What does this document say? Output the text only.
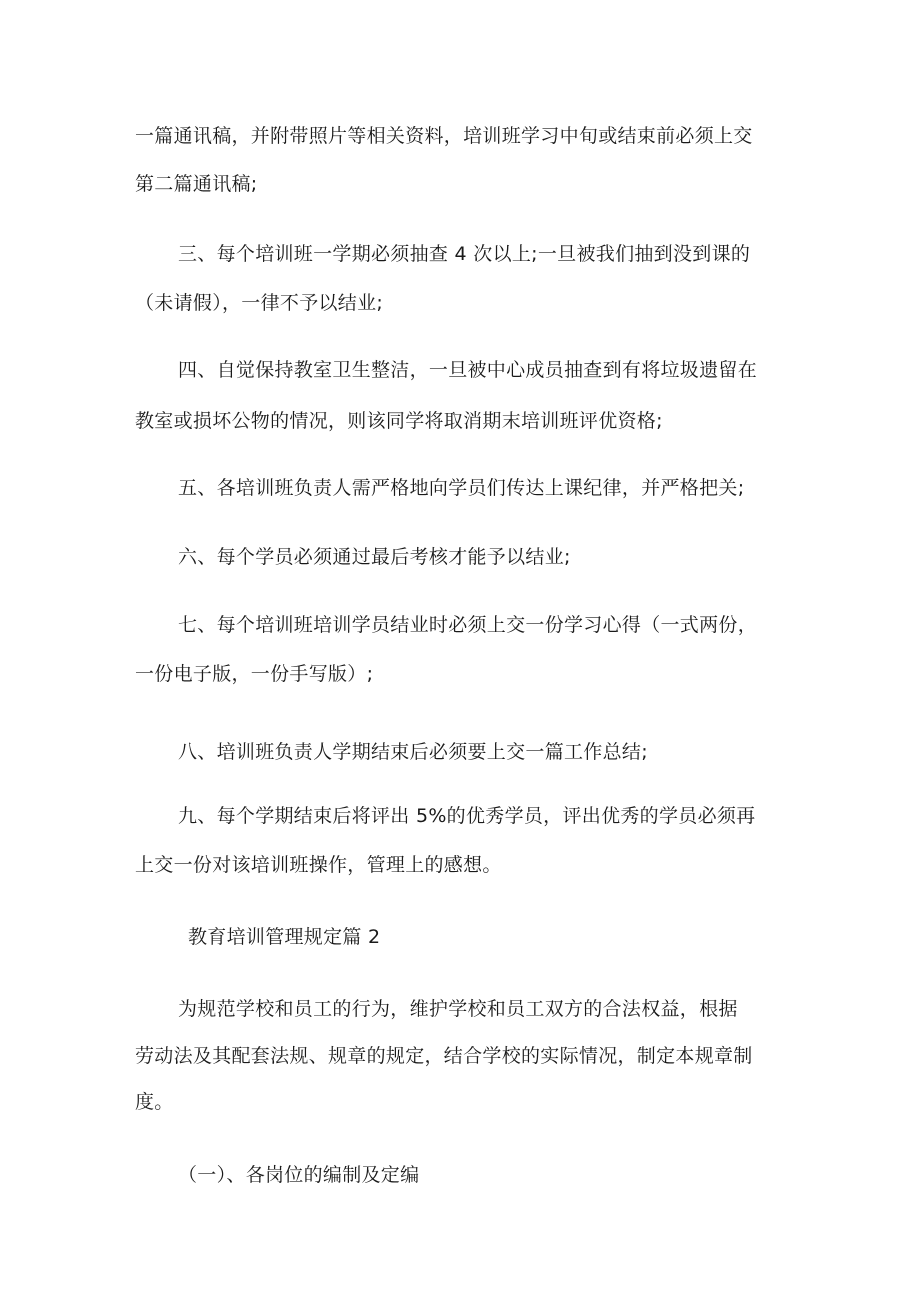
一篇通讯稿，并附带照片等相关资料，培训班学习中旬或结束前必须上交
第二篇通讯稿;
三、每个培训班一学期必须抽查 4 次以上;一旦被我们抽到没到课的
（未请假），一律不予以结业;
四、自觉保持教室卫生整洁，一旦被中心成员抽查到有将垃圾遗留在
教室或损坏公物的情况，则该同学将取消期末培训班评优资格;
五、各培训班负责人需严格地向学员们传达上课纪律，并严格把关;
六、每个学员必须通过最后考核才能予以结业;
七、每个培训班培训学员结业时必须上交一份学习心得（一式两份，
一份电子版，一份手写版）;
八、培训班负责人学期结束后必须要上交一篇工作总结;
九、每个学期结束后将评出 5%的优秀学员，评出优秀的学员必须再
上交一份对该培训班操作，管理上的感想。
教育培训管理规定篇 2
为规范学校和员工的行为，维护学校和员工双方的合法权益，根据
劳动法及其配套法规、规章的规定，结合学校的实际情况，制定本规章制
度。
（一）、各岗位的编制及定编
